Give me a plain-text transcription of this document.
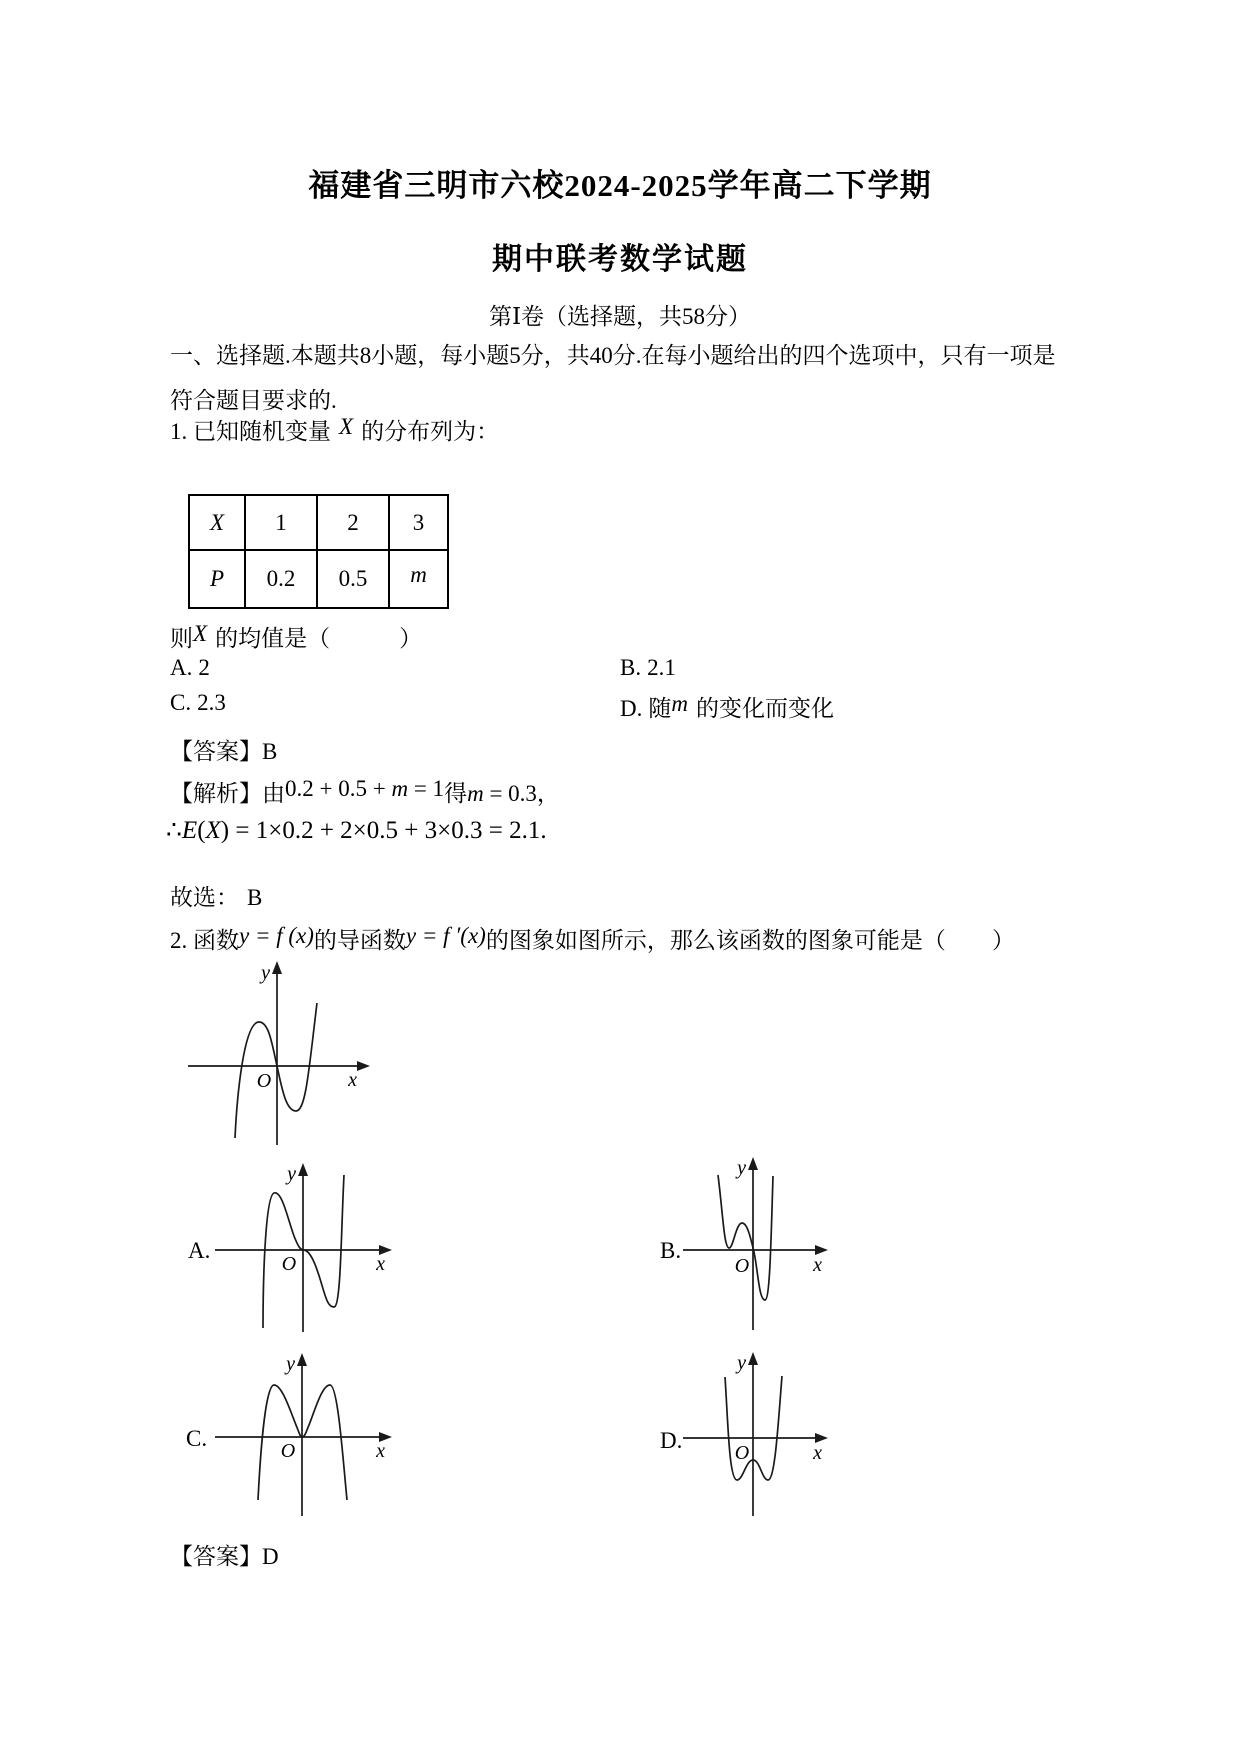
福建省三明市六校2024-2025学年高二下学期
期中联考数学试题
第Ⅰ卷（选择题，共58分）
一、选择题.本题共8小题，每小题5分，共40分.在每小题给出的四个选项中，只有一项是
符合题目要求的.
1. 已知随机变量 X 的分布列为：
X	1	2	3
P	0.2	0.5	m
则X 的均值是（　　　）
A. 2	B. 2.1
C. 2.3	D. 随m 的变化而变化
【答案】B
【解析】由0.2 + 0.5 + m = 1得m = 0.3，
∴E(X) = 1×0.2 + 2×0.5 + 3×0.3 = 2.1.
故选： B
2. 函数y = f (x)的导函数y = f ′(x)的图象如图所示，那么该函数的图象可能是（　　）
y
x
O
A.
y
x
O
B.
y
x
O
C.
y
x
O	D.
y
x
O
【答案】D
